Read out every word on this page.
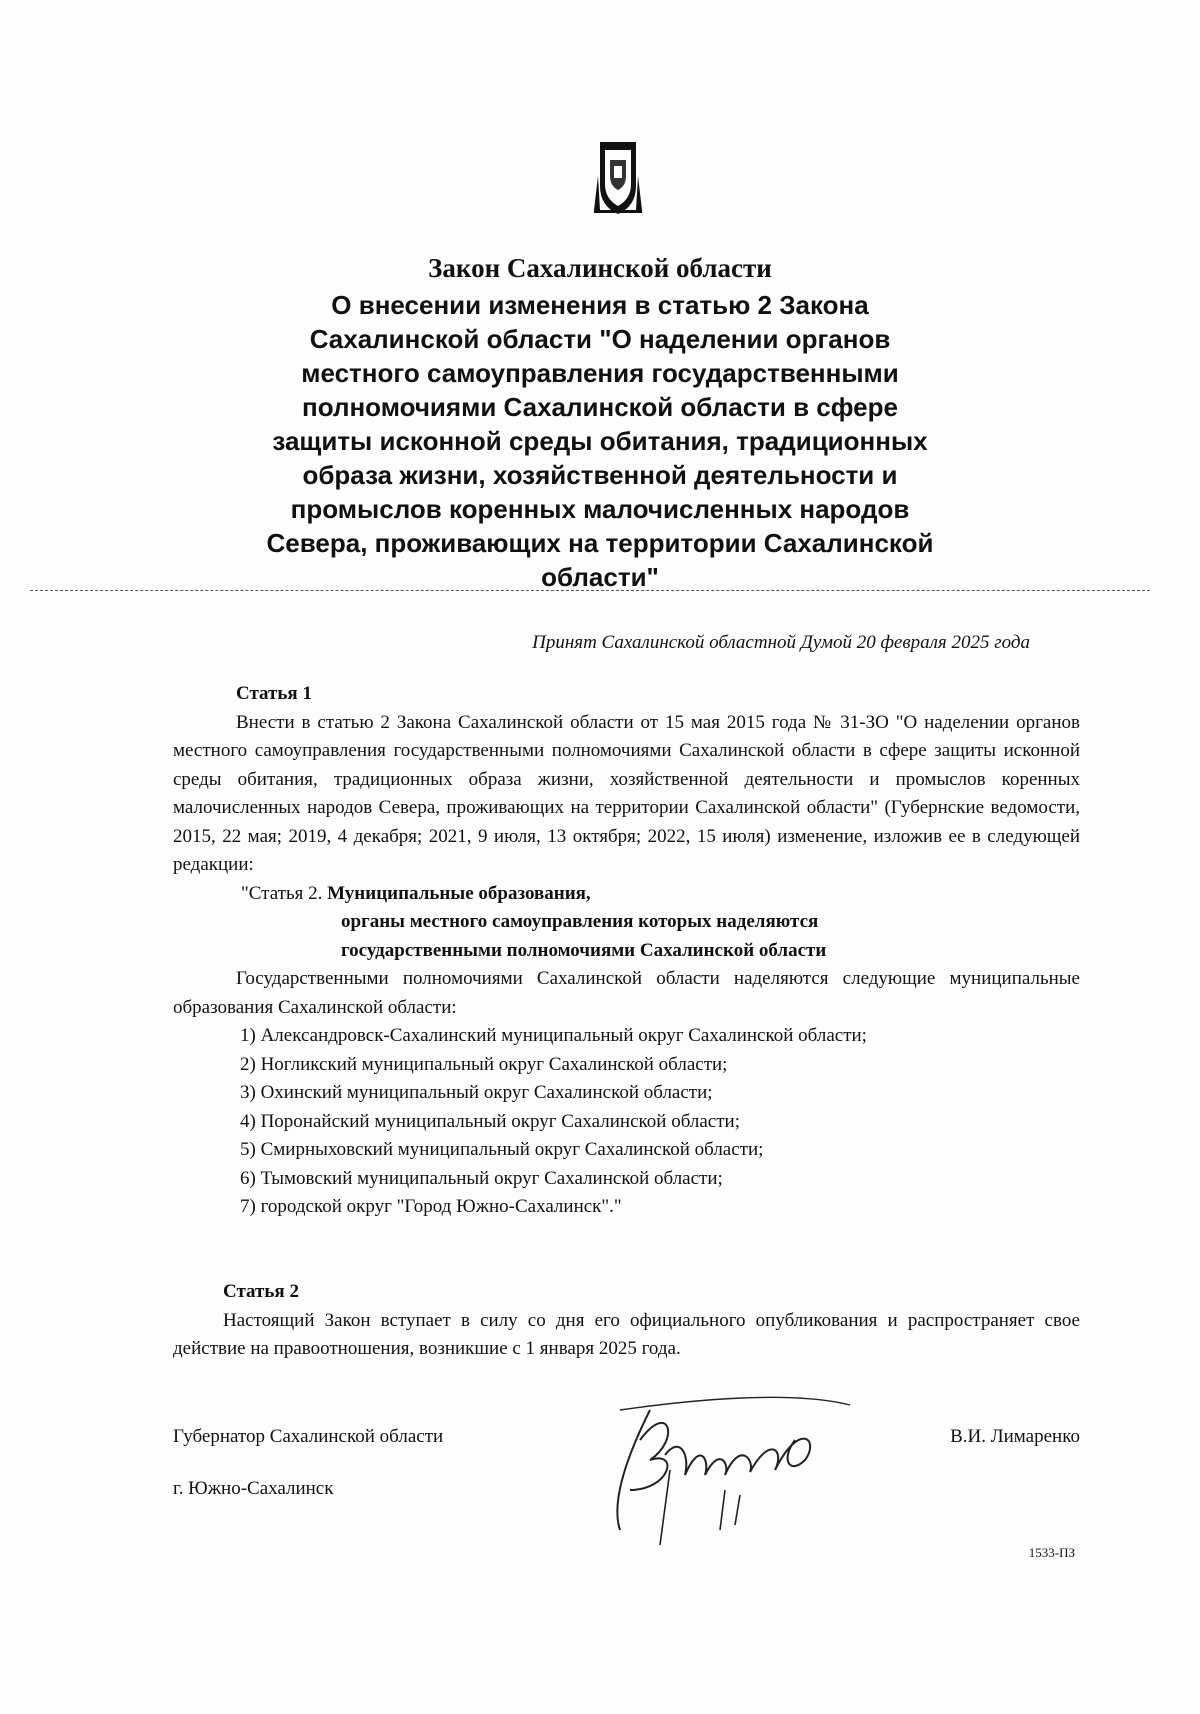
Закон Сахалинской области

О внесении изменения в статью 2 Закона
Сахалинской области "О наделении органов
местного самоуправления государственными
полномочиями Сахалинской области в сфере
защиты исконной среды обитания, традиционных
образа жизни, хозяйственной деятельности и
промыслов коренных малочисленных народов
Севера, проживающих на территории Сахалинской
области"

Принят Сахалинской областной Думой 20 февраля 2025 года
Статья 1

Внести в статью 2 Закона Сахалинской области от 15 мая 2015 года № 31-ЗО "О наделении органов местного самоуправления государственными полномочиями Сахалинской области в сфере защиты исконной среды обитания, традиционных образа жизни, хозяйственной деятельности и промыслов коренных малочисленных народов Севера, проживающих на территории Сахалинской области" (Губернские ведомости, 2015, 22 мая; 2019, 4 декабря; 2021, 9 июля, 13 октября; 2022, 15 июля) изменение, изложив ее в следующей редакции:

"Статья 2. Муниципальные образования,

органы местного самоуправления которых наделяются

государственными полномочиями Сахалинской области

Государственными полномочиями Сахалинской области наделяются следующие муниципальные образования Сахалинской области:

1) Александровск-Сахалинский муниципальный округ Сахалинской области;
2) Ногликский муниципальный округ Сахалинской области;
3) Охинский муниципальный округ Сахалинской области;
4) Поронайский муниципальный округ Сахалинской области;
5) Смирныховский муниципальный округ Сахалинской области;
6) Тымовский муниципальный округ Сахалинской области;
7) городской округ "Город Южно-Сахалинск"."
Статья 2

Настоящий Закон вступает в силу со дня его официального опубликования и распространяет свое действие на правоотношения, возникшие с 1 января 2025 года.

Губернатор Сахалинской области	В.И. Лимаренко
г. Южно-Сахалинск
1533-ПЗ
